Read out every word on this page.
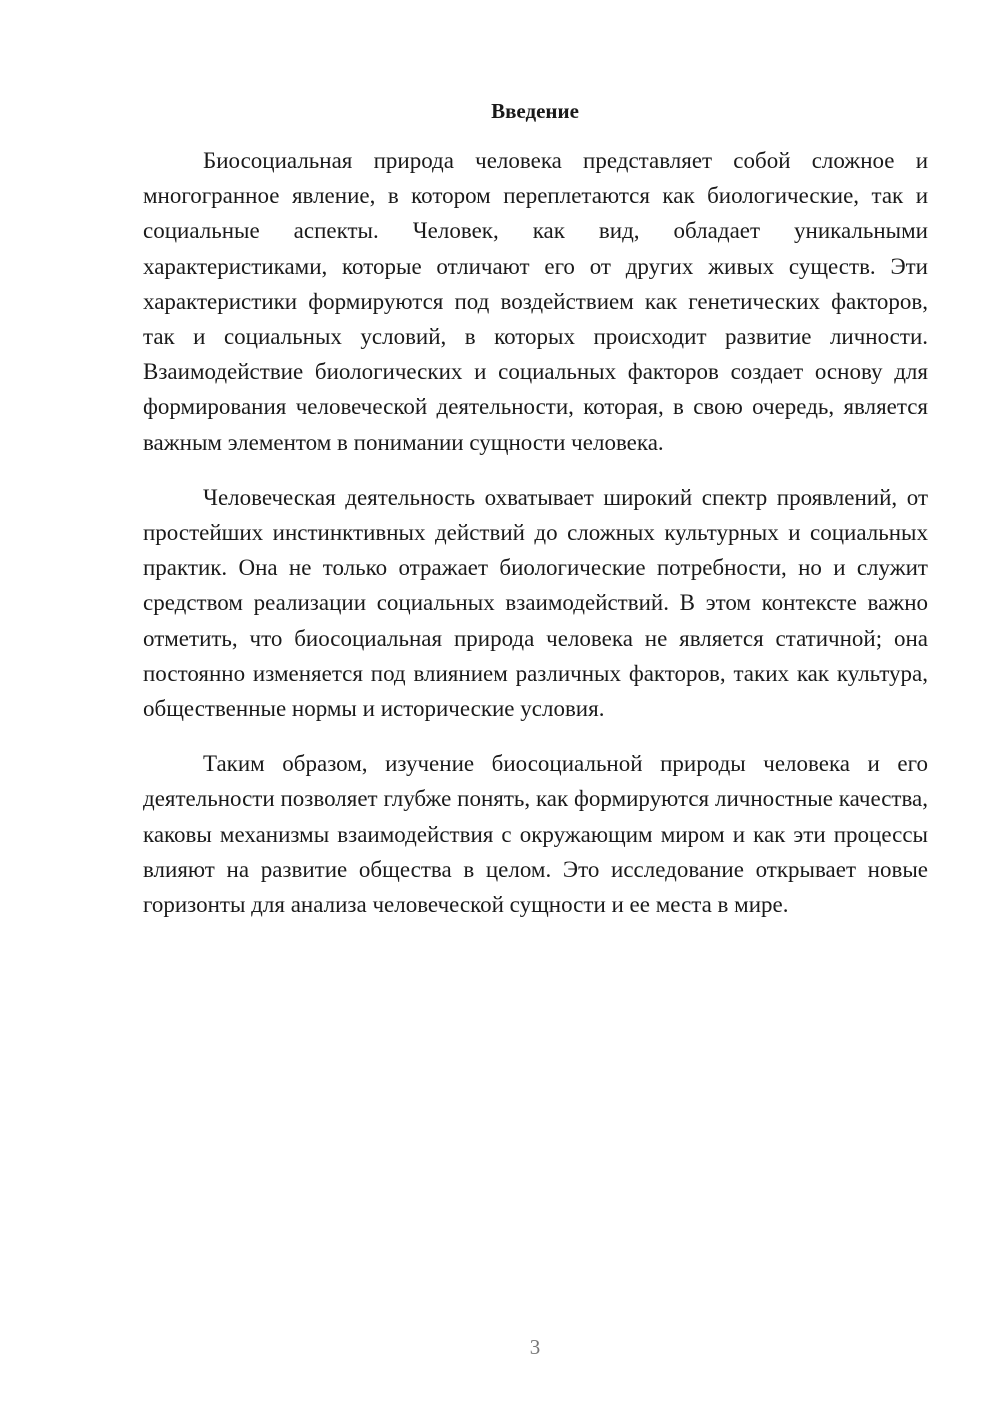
Введение

Биосоциальная природа человека представляет собой сложное и многогранное явление, в котором переплетаются как биологические, так и социальные аспекты. Человек, как вид, обладает уникальными характеристиками, которые отличают его от других живых существ. Эти характеристики формируются под воздействием как генетических факторов, так и социальных условий, в которых происходит развитие личности. Взаимодействие биологических и социальных факторов создает основу для формирования человеческой деятельности, которая, в свою очередь, является важным элементом в понимании сущности человека.

Человеческая деятельность охватывает широкий спектр проявлений, от простейших инстинктивных действий до сложных культурных и социальных практик. Она не только отражает биологические потребности, но и служит средством реализации социальных взаимодействий. В этом контексте важно отметить, что биосоциальная природа человека не является статичной; она постоянно изменяется под влиянием различных факторов, таких как культура, общественные нормы и исторические условия.

Таким образом, изучение биосоциальной природы человека и его деятельности позволяет глубже понять, как формируются личностные качества, каковы механизмы взаимодействия с окружающим миром и как эти процессы влияют на развитие общества в целом. Это исследование открывает новые горизонты для анализа человеческой сущности и ее места в мире.

3
